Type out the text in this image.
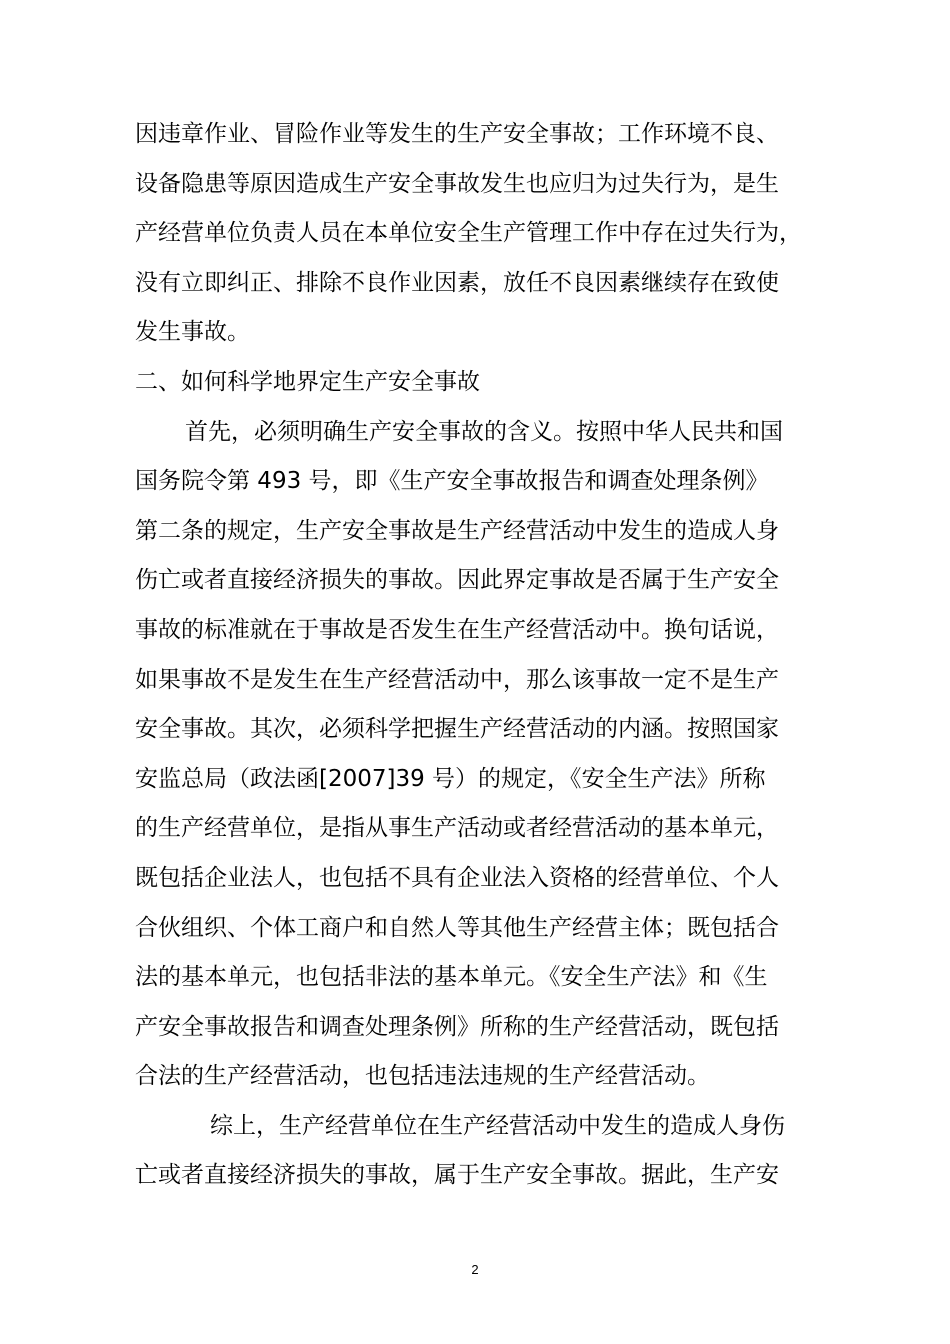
因违章作业、冒险作业等发生的生产安全事故；工作环境不良、
设备隐患等原因造成生产安全事故发生也应归为过失行为，是生
产经营单位负责人员在本单位安全生产管理工作中存在过失行为，
没有立即纠正、排除不良作业因素，放任不良因素继续存在致使
发生事故。
二、如何科学地界定生产安全事故
首先，必须明确生产安全事故的含义。按照中华人民共和国
国务院令第 493 号，即《生产安全事故报告和调查处理条例》
第二条的规定，生产安全事故是生产经营活动中发生的造成人身
伤亡或者直接经济损失的事故。因此界定事故是否属于生产安全
事故的标准就在于事故是否发生在生产经营活动中。换句话说，
如果事故不是发生在生产经营活动中，那么该事故一定不是生产
安全事故。其次，必须科学把握生产经营活动的内涵。按照国家
安监总局（政法函[2007]39 号）的规定，《安全生产法》所称
的生产经营单位，是指从事生产活动或者经营活动的基本单元，
既包括企业法人，也包括不具有企业法入资格的经营单位、个人
合伙组织、个体工商户和自然人等其他生产经营主体；既包括合
法的基本单元，也包括非法的基本单元。《安全生产法》和《生
产安全事故报告和调查处理条例》所称的生产经营活动，既包括
合法的生产经营活动，也包括违法违规的生产经营活动。
综上，生产经营单位在生产经营活动中发生的造成人身伤
亡或者直接经济损失的事故，属于生产安全事故。据此，生产安
2
